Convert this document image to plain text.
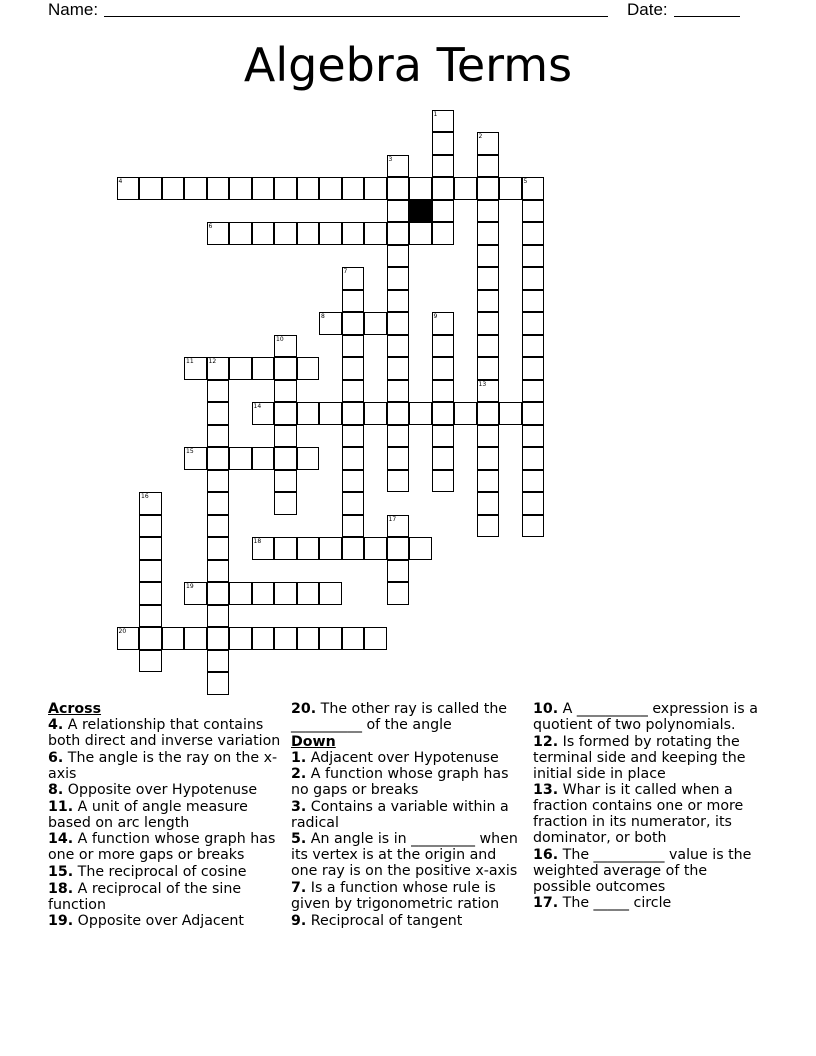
Name:	Date:
Algebra Terms
1
2
3
5
7
9
10
12
13
16
17
4
6
8
11
14
15
18
19
20
Across
4. A relationship that contains both direct and inverse variation
6. The angle is the ray on the x-axis
8. Opposite over Hypotenuse
11. A unit of angle measure based on arc length
14. A function whose graph has one or more gaps or breaks
15. The reciprocal of cosine
18. A reciprocal of the sine function
19. Opposite over Adjacent
20. The other ray is called the __________ of the angle
Down
1. Adjacent over Hypotenuse
2. A function whose graph has no gaps or breaks
3. Contains a variable within a radical
5. An angle is in _________ when its vertex is at the origin and one ray is on the positive x-axis
7. Is a function whose rule is given by trigonometric ration
9. Reciprocal of tangent
10. A __________ expression is a quotient of two polynomials.
12. Is formed by rotating the terminal side and keeping the initial side in place
13. Whar is it called when a fraction contains one or more fraction in its numerator, its dominator, or both
16. The __________ value is the weighted average of the possible outcomes
17. The _____ circle
